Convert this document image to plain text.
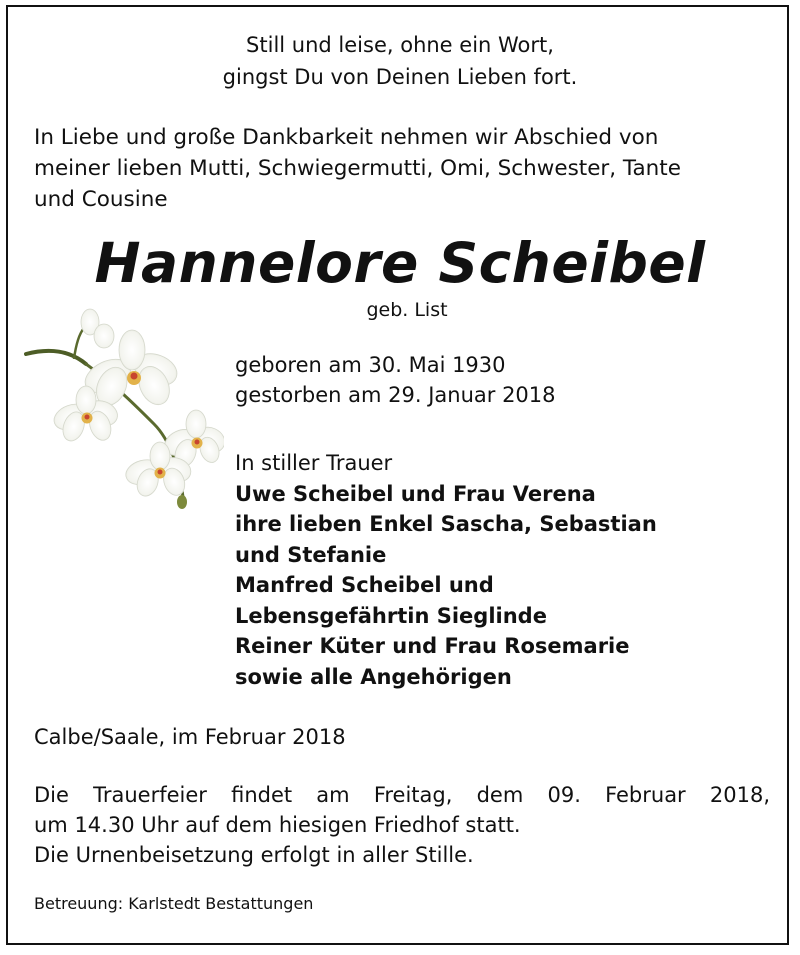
Still und leise, ohne ein Wort,
gingst Du von Deinen Lieben fort.
In Liebe und große Dankbarkeit nehmen wir Abschied von
meiner lieben Mutti, Schwiegermutti, Omi, Schwester, Tante
und Cousine
Hannelore Scheibel
geb. List
geboren am 30. Mai 1930
gestorben am 29. Januar 2018
In stiller Trauer
Uwe Scheibel und Frau Verena
ihre lieben Enkel Sascha, Sebastian
und Stefanie
Manfred Scheibel und
Lebensgefährtin Sieglinde
Reiner Küter und Frau Rosemarie
sowie alle Angehörigen
Calbe/Saale, im Februar 2018
Die Trauerfeier findet am Freitag, dem 09. Februar 2018,
um 14.30 Uhr auf dem hiesigen Friedhof statt.
Die Urnenbeisetzung erfolgt in aller Stille.
Betreuung: Karlstedt Bestattungen
